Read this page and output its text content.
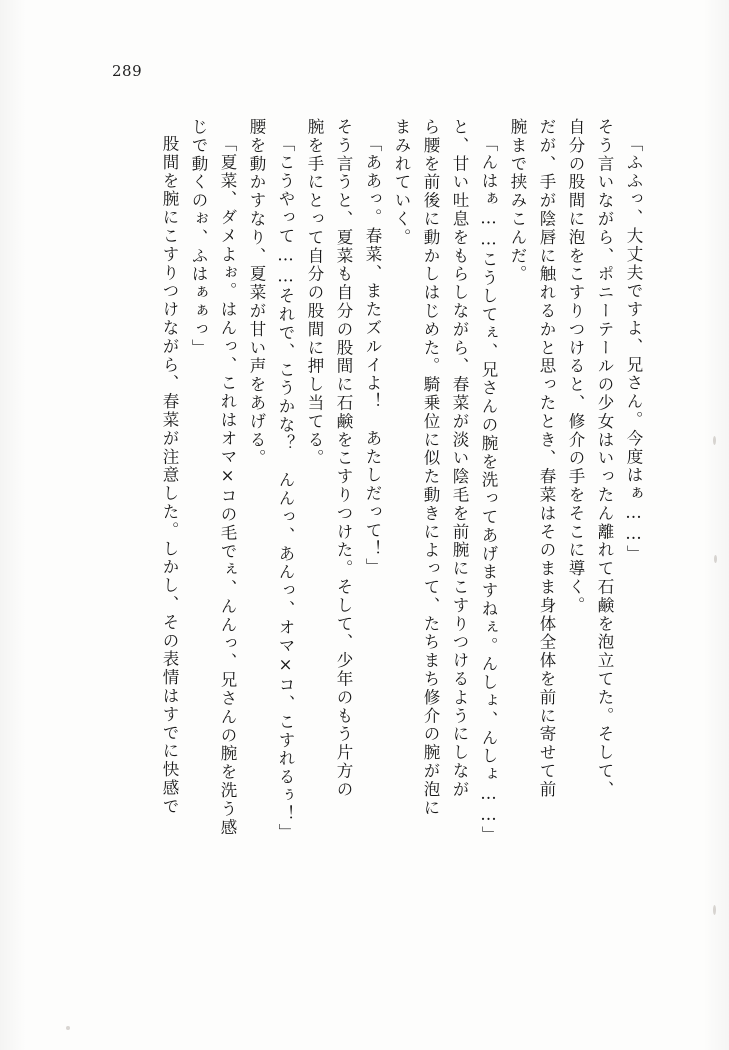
289
「ふふっ、大丈夫ですよ、兄さん。今度はぁ……」
そう言いながら、ポニーテールの少女はいったん離れて石鹸を泡立てた。そして、
自分の股間に泡をこすりつけると、修介の手をそこに導く。
だが、手が陰唇に触れるかと思ったとき、春菜はそのまま身体全体を前に寄せて前
腕まで挟みこんだ。
「んはぁ……こうしてぇ、兄さんの腕を洗ってあげますねぇ。んしょ、んしょ……」
と、甘い吐息をもらしながら、春菜が淡い陰毛を前腕にこすりつけるようにしなが
ら腰を前後に動かしはじめた。騎乗位に似た動きによって、たちまち修介の腕が泡に
まみれていく。
「ああっ。春菜、またズルイよ！　あたしだって！」
そう言うと、夏菜も自分の股間に石鹸をこすりつけた。そして、少年のもう片方の
腕を手にとって自分の股間に押し当てる。
「こうやって……それで、こうかな？　んんっ、あんっ、オマ×コ、こすれるぅ！」
腰を動かすなり、夏菜が甘い声をあげる。
「夏菜、ダメよぉ。はんっ、これはオマ×コの毛でぇ、んんっ、兄さんの腕を洗う感
じで動くのぉ、ふはぁぁっ」
股間を腕にこすりつけながら、春菜が注意した。しかし、その表情はすでに快感で
